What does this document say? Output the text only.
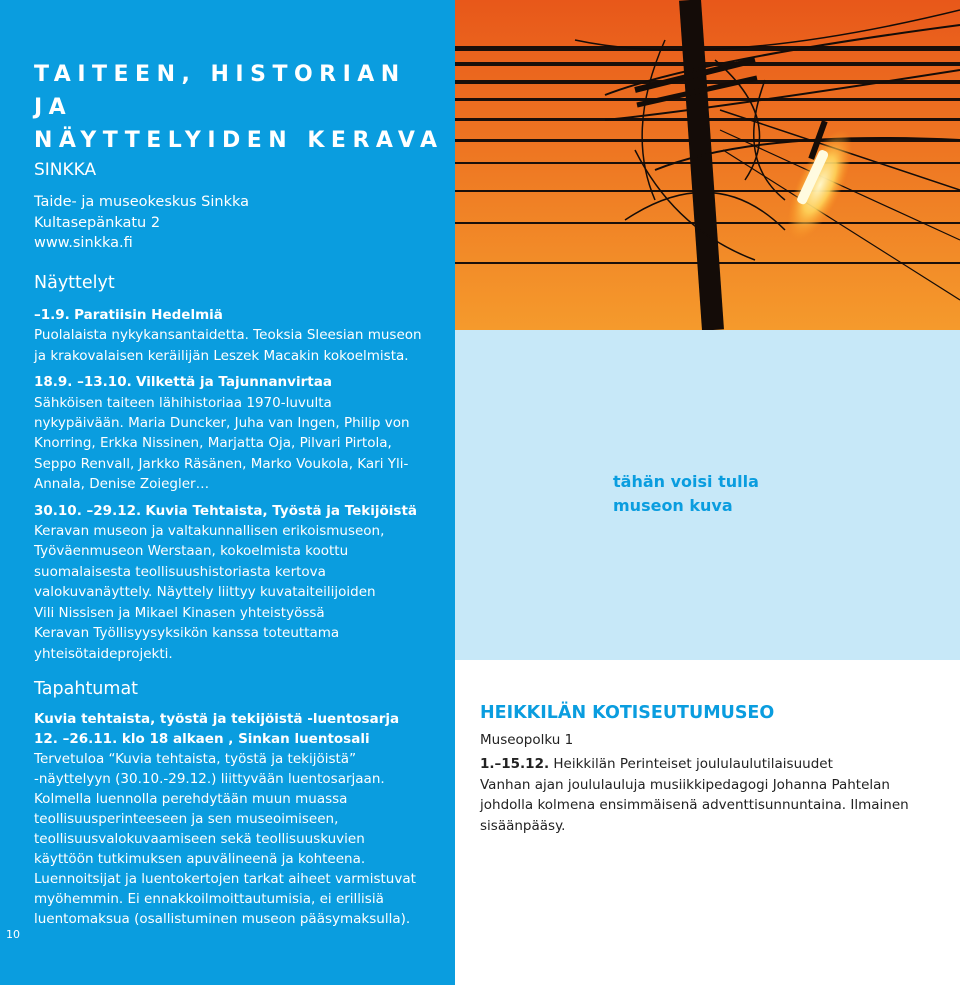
TAITEEN, HISTORIAN JA
NÄYTTELYIDEN KERAVA
SINKKA
Taide- ja museokeskus Sinkka
Kultasepänkatu 2
www.sinkka.fi
Näyttelyt

–1.9. Paratiisin Hedelmiä
Puolalaista nykykansantaidetta. Teoksia Sleesian museon
ja krakovalaisen keräilijän Leszek Macakin kokoelmista.

18.9. –13.10. Vilkettä ja Tajunnanvirtaa
Sähköisen taiteen lähihistoriaa 1970-luvulta
nykypäivään. Maria Duncker, Juha van Ingen, Philip von
Knorring, Erkka Nissinen, Marjatta Oja, Pilvari Pirtola,
Seppo Renvall, Jarkko Räsänen, Marko Voukola, Kari Yli-
Annala, Denise Zoiegler…

30.10. –29.12. Kuvia Tehtaista, Työstä ja Tekijöistä
Keravan museon ja valtakunnallisen erikoismuseon,
Työväenmuseon Werstaan, kokoelmista koottu
suomalaisesta teollisuushistoriasta kertova
valokuvanäyttely. Näyttely liittyy kuvataiteilijoiden
Vili Nissisen ja Mikael Kinasen yhteistyössä
Keravan Työllisyysyksikön kanssa toteuttama
yhteisötaideprojekti.

Tapahtumat
Kuvia tehtaista, työstä ja tekijöistä -luentosarja
12. –26.11. klo 18 alkaen , Sinkan luentosali
Tervetuloa “Kuvia tehtaista, työstä ja tekijöistä”
-näyttelyyn (30.10.-29.12.) liittyvään luentosarjaan.
Kolmella luennolla perehdytään muun muassa
teollisuusperinteeseen ja sen museoimiseen,
teollisuusvalokuvaamiseen sekä teollisuuskuvien
käyttöön tutkimuksen apuvälineenä ja kohteena.
Luennoitsijat ja luentokertojen tarkat aiheet varmistuvat
myöhemmin. Ei ennakkoilmoittautumisia, ei erillisiä
luentomaksua (osallistuminen museon pääsymaksulla).
10
tähän voisi tulla
museon kuva
HEIKKILÄN KOTISEUTUMUSEO
Museopolku 1
1.–15.12. Heikkilän Perinteiset joululaulutilaisuudet
Vanhan ajan joululauluja musiikkipedagogi Johanna Pahtelan
johdolla kolmena ensimmäisenä adventtisunnuntaina. Ilmainen
sisäänpääsy.
